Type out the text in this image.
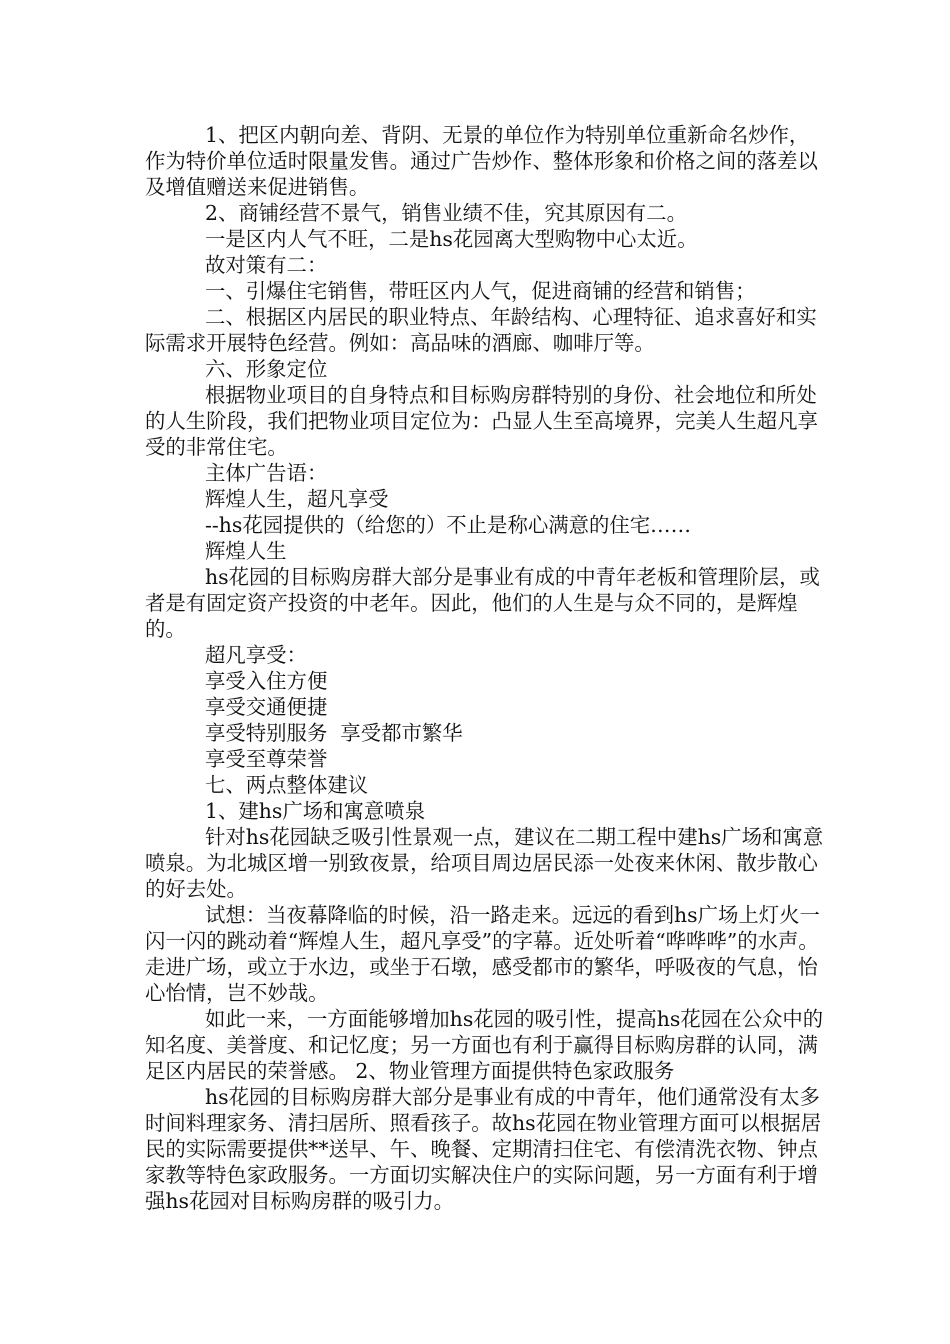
1、把区内朝向差、背阴、无景的单位作为特别单位重新命名炒作，作为特价单位适时限量发售。通过广告炒作、整体形象和价格之间的落差以及增值赠送来促进销售。

2、商铺经营不景气，销售业绩不佳，究其原因有二。

一是区内人气不旺，二是hs花园离大型购物中心太近。

故对策有二：

一、引爆住宅销售，带旺区内人气，促进商铺的经营和销售；

二、根据区内居民的职业特点、年龄结构、心理特征、追求喜好和实际需求开展特色经营。例如：高品味的酒廊、咖啡厅等。

六、形象定位

根据物业项目的自身特点和目标购房群特别的身份、社会地位和所处的人生阶段，我们把物业项目定位为：凸显人生至高境界，完美人生超凡享受的非常住宅。

主体广告语：

辉煌人生，超凡享受

--hs花园提供的（给您的）不止是称心满意的住宅……

辉煌人生

hs花园的目标购房群大部分是事业有成的中青年老板和管理阶层，或者是有固定资产投资的中老年。因此，他们的人生是与众不同的，是辉煌的。

超凡享受：

享受入住方便

享受交通便捷

享受特别服务  享受都市繁华

享受至尊荣誉

七、两点整体建议

1、建hs广场和寓意喷泉

针对hs花园缺乏吸引性景观一点，建议在二期工程中建hs广场和寓意喷泉。为北城区增一别致夜景，给项目周边居民添一处夜来休闲、散步散心的好去处。

试想：当夜幕降临的时候，沿一路走来。远远的看到hs广场上灯火一闪一闪的跳动着“辉煌人生，超凡享受”的字幕。近处听着“哗哗哗”的水声。走进广场，或立于水边，或坐于石墩，感受都市的繁华，呼吸夜的气息，怡心怡情，岂不妙哉。

如此一来，一方面能够增加hs花园的吸引性，提高hs花园在公众中的知名度、美誉度、和记忆度；另一方面也有利于赢得目标购房群的认同，满足区内居民的荣誉感。 2、物业管理方面提供特色家政服务

hs花园的目标购房群大部分是事业有成的中青年，他们通常没有太多时间料理家务、清扫居所、照看孩子。故hs花园在物业管理方面可以根据居民的实际需要提供**送早、午、晚餐、定期清扫住宅、有偿清洗衣物、钟点家教等特色家政服务。一方面切实解决住户的实际问题，另一方面有利于增强hs花园对目标购房群的吸引力。
